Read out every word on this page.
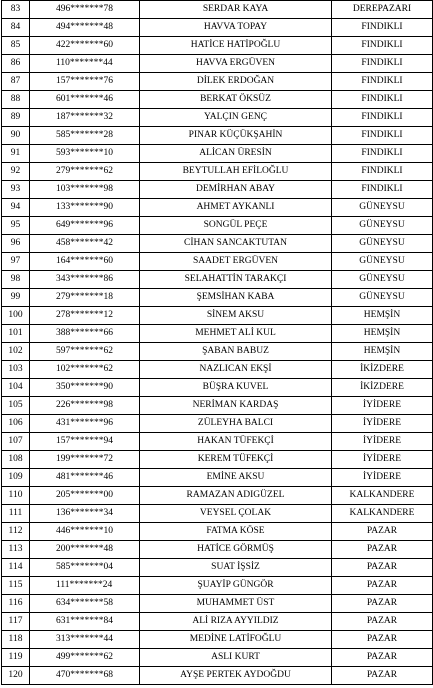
83	496*******78	SERDAR KAYA	DEREPAZARI
84	494*******48	HAVVA TOPAY	FINDIKLI
85	422*******60	HATİCE HATİPOĞLU	FINDIKLI
86	110*******44	HAVVA ERGÜVEN	FINDIKLI
87	157*******76	DİLEK ERDOĞAN	FINDIKLI
88	601*******46	BERKAT ÖKSÜZ	FINDIKLI
89	187*******32	YALÇIN GENÇ	FINDIKLI
90	585*******28	PINAR KÜÇÜKŞAHİN	FINDIKLI
91	593*******10	ALİCAN ÜRESİN	FINDIKLI
92	279*******62	BEYTULLAH EFİLOĞLU	FINDIKLI
93	103*******98	DEMİRHAN ABAY	FINDIKLI
94	133*******90	AHMET AYKANLI	GÜNEYSU
95	649*******96	SONGÜL PEÇE	GÜNEYSU
96	458*******42	CİHAN SANCAKTUTAN	GÜNEYSU
97	164*******60	SAADET ERGÜVEN	GÜNEYSU
98	343*******86	SELAHATTİN TARAKÇI	GÜNEYSU
99	279*******18	ŞEMSİHAN KABA	GÜNEYSU
100	278*******12	SİNEM AKSU	HEMŞİN
101	388*******66	MEHMET ALİ KUL	HEMŞİN
102	597*******62	ŞABAN BABUZ	HEMŞİN
103	102*******62	NAZLICAN EKŞİ	İKİZDERE
104	350*******90	BÜŞRA KUVEL	İKİZDERE
105	226*******98	NERİMAN KARDAŞ	İYİDERE
106	431*******96	ZÜLEYHA BALCI	İYİDERE
107	157*******94	HAKAN TÜFEKÇİ	İYİDERE
108	199*******72	KEREM TÜFEKÇİ	İYİDERE
109	481*******46	EMİNE AKSU	İYİDERE
110	205*******00	RAMAZAN ADIGÜZEL	KALKANDERE
111	136*******34	VEYSEL ÇOLAK	KALKANDERE
112	446*******10	FATMA KÖSE	PAZAR
113	200*******48	HATİCE GÖRMÜŞ	PAZAR
114	585*******04	SUAT İŞSİZ	PAZAR
115	111*******24	ŞUAYİP GÜNGÖR	PAZAR
116	634*******58	MUHAMMET ÜST	PAZAR
117	631*******84	ALİ RIZA AYYILDIZ	PAZAR
118	313*******44	MEDİNE LATİFOĞLU	PAZAR
119	499*******62	ASLI KURT	PAZAR
120	470*******68	AYŞE PERTEK AYDOĞDU	PAZAR
